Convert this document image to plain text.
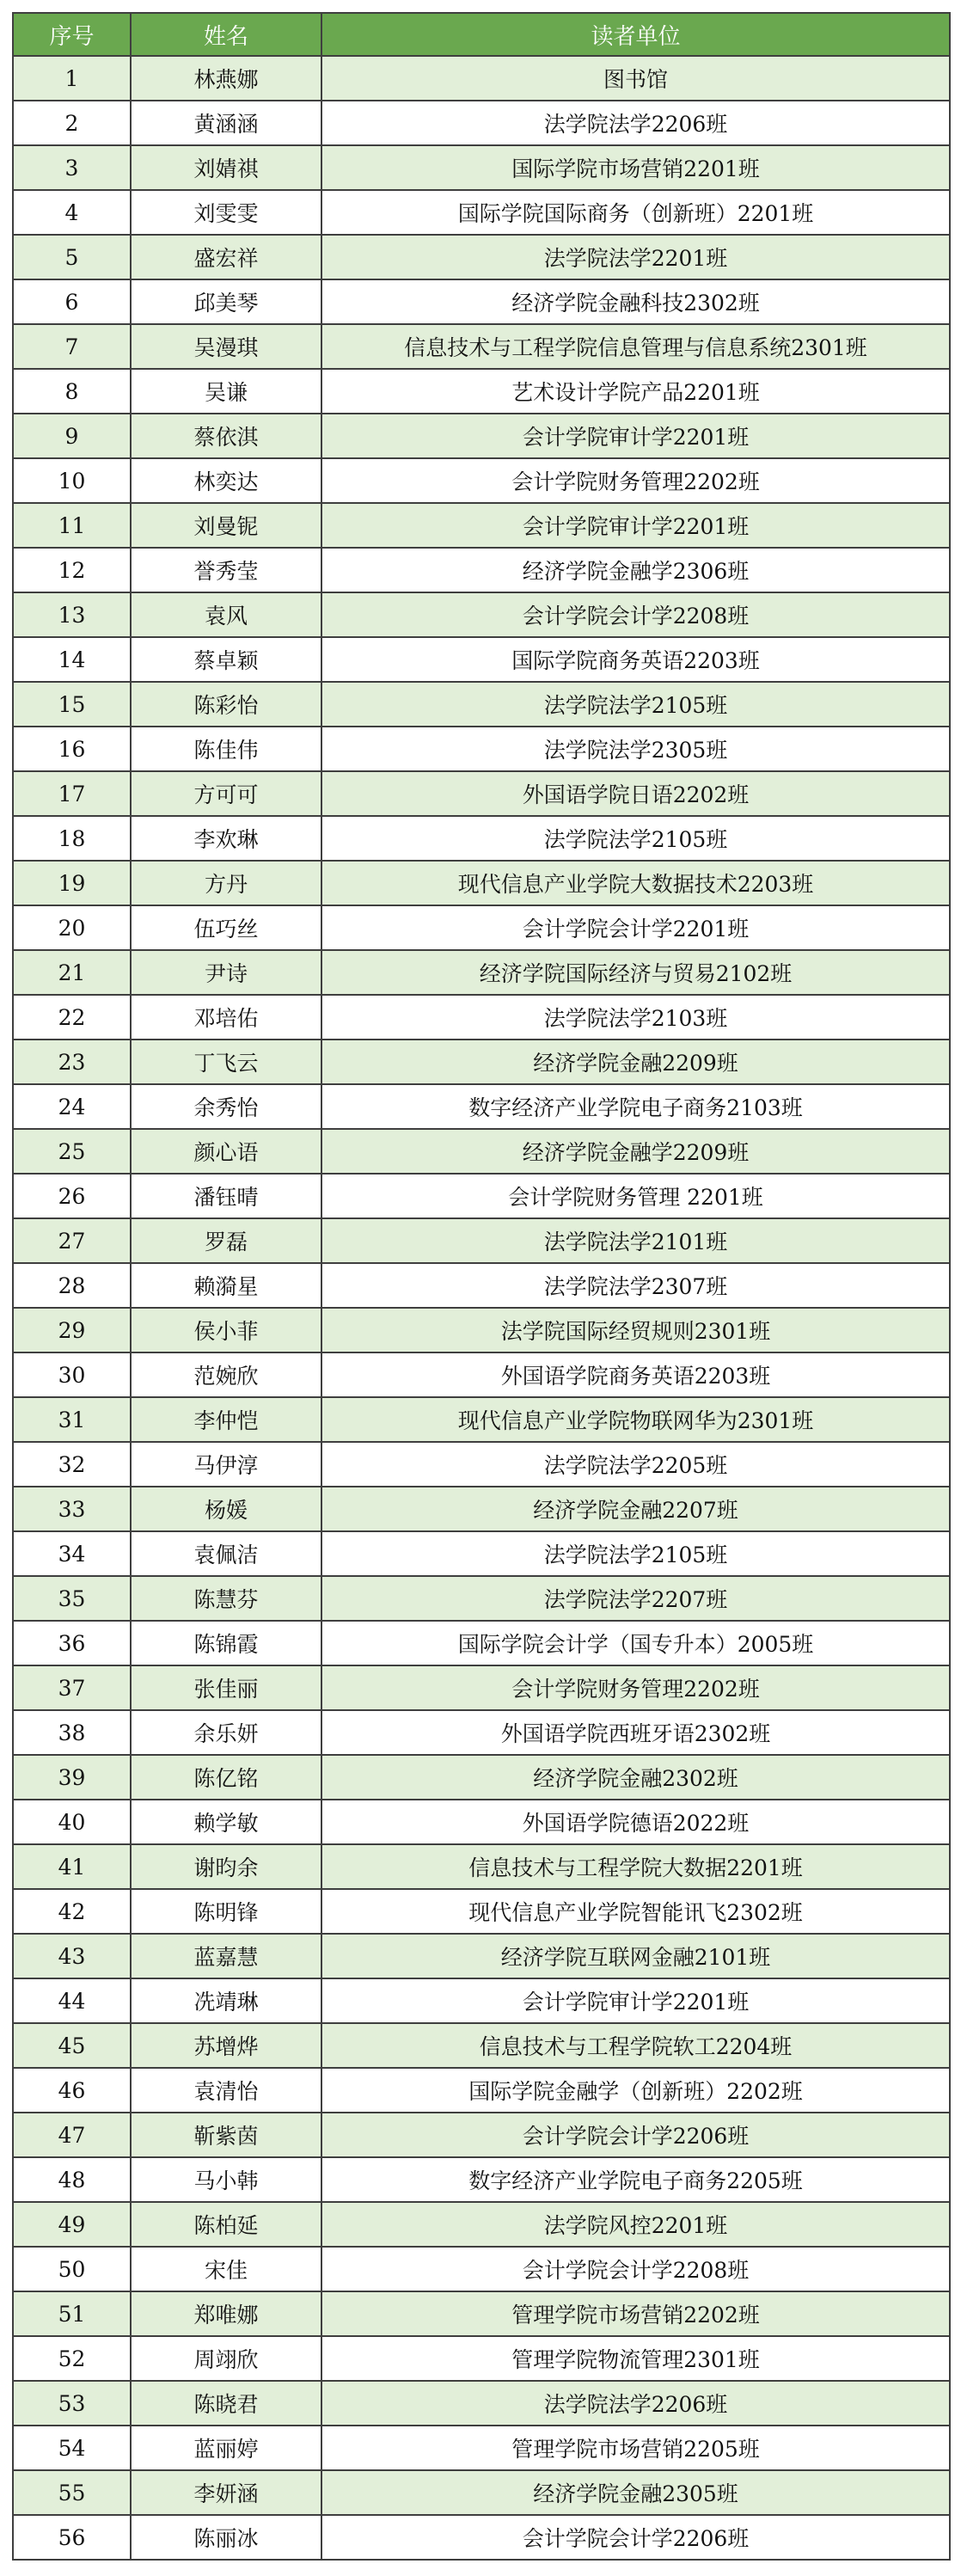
序号	姓名	读者单位
1	林燕娜	图书馆
2	黄涵涵	法学院法学2206班
3	刘婧祺	国际学院市场营销2201班
4	刘雯雯	国际学院国际商务（创新班）2201班
5	盛宏祥	法学院法学2201班
6	邱美琴	经济学院金融科技2302班
7	吴漫琪	信息技术与工程学院信息管理与信息系统2301班
8	吴谦	艺术设计学院产品2201班
9	蔡依淇	会计学院审计学2201班
10	林奕达	会计学院财务管理2202班
11	刘曼铌	会计学院审计学2201班
12	誉秀莹	经济学院金融学2306班
13	袁风	会计学院会计学2208班
14	蔡卓颖	国际学院商务英语2203班
15	陈彩怡	法学院法学2105班
16	陈佳伟	法学院法学2305班
17	方可可	外国语学院日语2202班
18	李欢琳	法学院法学2105班
19	方丹	现代信息产业学院大数据技术2203班
20	伍巧丝	会计学院会计学2201班
21	尹诗	经济学院国际经济与贸易2102班
22	邓培佑	法学院法学2103班
23	丁飞云	经济学院金融2209班
24	余秀怡	数字经济产业学院电子商务2103班
25	颜心语	经济学院金融学2209班
26	潘钰晴	会计学院财务管理 2201班
27	罗磊	法学院法学2101班
28	赖漪星	法学院法学2307班
29	侯小菲	法学院国际经贸规则2301班
30	范婉欣	外国语学院商务英语2203班
31	李仲恺	现代信息产业学院物联网华为2301班
32	马伊淳	法学院法学2205班
33	杨媛	经济学院金融2207班
34	袁佩洁	法学院法学2105班
35	陈慧芬	法学院法学2207班
36	陈锦霞	国际学院会计学（国专升本）2005班
37	张佳丽	会计学院财务管理2202班
38	余乐妍	外国语学院西班牙语2302班
39	陈亿铭	经济学院金融2302班
40	赖学敏	外国语学院德语2022班
41	谢昀余	信息技术与工程学院大数据2201班
42	陈明锋	现代信息产业学院智能讯飞2302班
43	蓝嘉慧	经济学院互联网金融2101班
44	冼靖琳	会计学院审计学2201班
45	苏增烨	信息技术与工程学院软工2204班
46	袁清怡	国际学院金融学（创新班）2202班
47	靳紫茵	会计学院会计学2206班
48	马小韩	数字经济产业学院电子商务2205班
49	陈柏延	法学院风控2201班
50	宋佳	会计学院会计学2208班
51	郑唯娜	管理学院市场营销2202班
52	周翊欣	管理学院物流管理2301班
53	陈晓君	法学院法学2206班
54	蓝丽婷	管理学院市场营销2205班
55	李妍涵	经济学院金融2305班
56	陈丽冰	会计学院会计学2206班
